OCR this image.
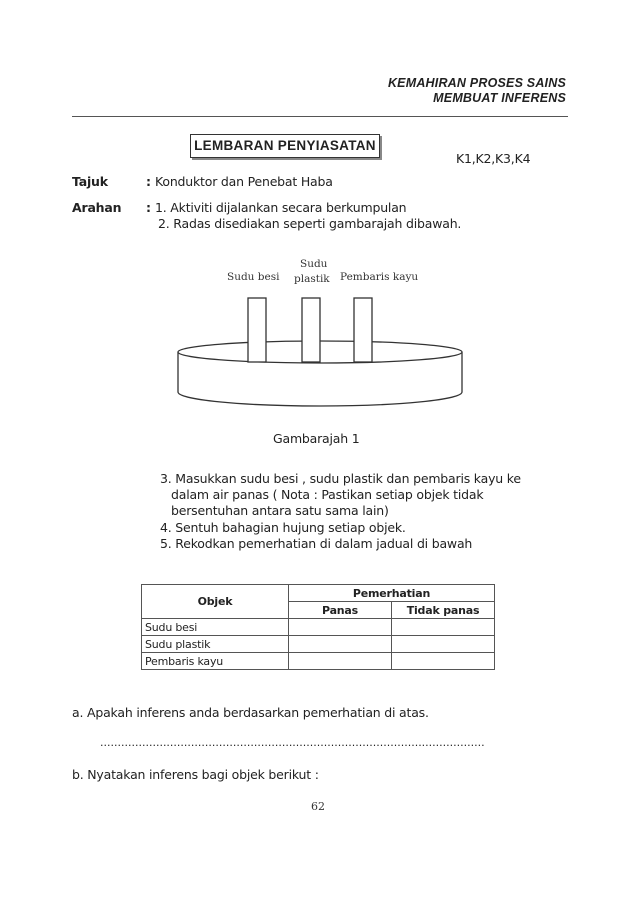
KEMAHIRAN PROSES SAINS
MEMBUAT INFERENS
LEMBARAN PENYIASATAN
K1,K2,K3,K4
Tajuk	: Konduktor dan Penebat Haba
Arahan : 1. Aktiviti dijalankan secara berkumpulan
2. Radas disediakan seperti gambarajah dibawah.
Sudu besi
Sudu
plastik Pembaris kayu
Gambarajah 1
3. Masukkan sudu besi , sudu plastik dan pembaris kayu ke
dalam air panas ( Nota : Pastikan setiap objek tidak
bersentuhan antara satu sama lain)
4. Sentuh bahagian hujung setiap objek.
5. Rekodkan pemerhatian di dalam jadual di bawah
Objek	Pemerhatian	
	Panas	Tidak panas
Sudu besi		
Sudu plastik		
Pembaris kayu		
a. Apakah inferens anda berdasarkan pemerhatian di atas.
..............................................................................................................
b. Nyatakan inferens bagi objek berikut :
62
